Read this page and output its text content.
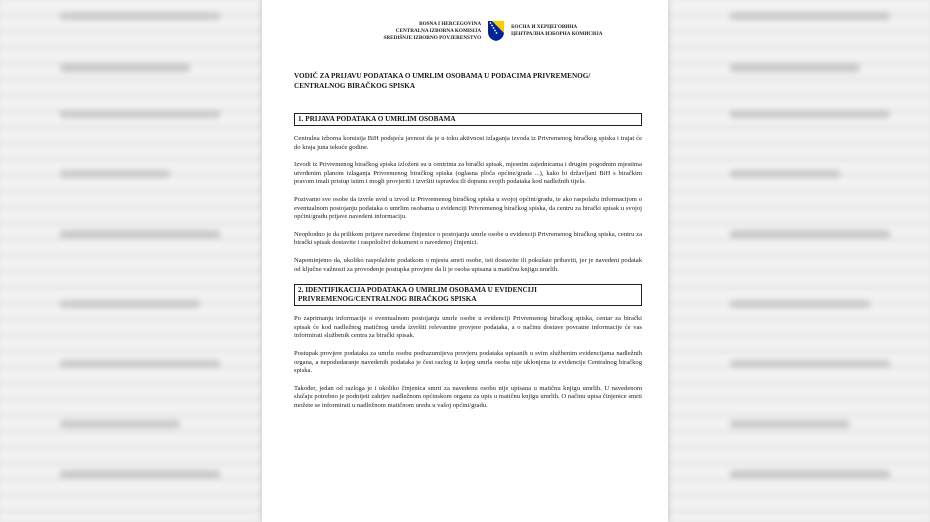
BOSNA I HERCEGOVINA
CENTRALNA IZBORNA KOMISIJA
SREDIŠNJE IZBORNO POVJERENSTVO
БОСНА И ХЕРЦЕГОВИНА
ЦЕНТРАЛНА ИЗБОРНА КОМИСИЈА
VODIČ ZA PRIJAVU PODATAKA O UMRLIM OSOBAMA U PODACIMA PRIVREMENOG/ CENTRALNOG BIRAČKOG SPISKA
1. PRIJAVA PODATAKA O UMRLIM OSOBAMA

Centralna izborna komisija BiH podsjeća javnost da je u toku aktivnost izlaganja izvoda iz Privremenog biračkog spiska i trajat će do kraja juna tekuće godine.

Izvodi iz Privremenog biračkog spiska izloženi su u centrima za birački spisak, mjesnim zajednicama i drugim pogodnim mjestima utvrđenim planom izlaganja Privremenog biračkog spiska (oglasna ploča općine/grada ...), kako bi državljani BiH s biračkim pravom imali pristup istim i mogli provjeriti i izvršiti ispravku ili dopunu svojih podataka kod nadležnih tijela.

Pozivamo sve osobe da izvrše uvid u izvod iz Privremenog biračkog spiska u svojoj općini/gradu, te ako raspolažu informacijom o eventualnom postojanju podataka o umrlim osobama u evidenciji Privremenog biračkog spiska, da centru za birački spisak u svojoj općini/gradu prijave navedeni informaciju.

Neophodno je da prilikom prijave navedene činjenice o postojanju umrle osobe u evidenciji Privremenog biračkog spiska, centru za birački spisak dostavite i raspoloživi dokument o navedenoj činjenici.

Napominjemo da, ukoliko raspolažete podatkom o mjestu smrti osobe, isti dostavite ili pokušate pribaviti, jer je navedeni podatak od ključne važnosti za provođenje postupka provjere da li je osoba upisana u matičnu knjigu umrlih.

2. IDENTIFIKACIJA PODATAKA O UMRLIM OSOBAMA U EVIDENCIJI PRIVREMENOG/CENTRALNOG BIRAČKOG SPISKA

Po zaprimanju informacije o eventualnom postojanju umrle osobe u evidenciji Privremenog biračkog spiska, centar za birački spisak će kod nadležnog matičnog ureda izvršiti relevantne provjere podataka, a o načinu dostave povratne informacije će vas informirati službenik centra za birački spisak.

Postupak provjere podataka za umrlu osobu podrazumijeva provjeru podataka upisanih u svim službenim evidencijama nadležnih organa, a nepodudaranje navedenih podataka je čest razlog iz kojeg umrla osoba nije uklonjena iz evidencije Centralnog biračkog spiska.

Također, jedan od razloga je i ukoliko činjenica smrti za navedenu osobu nije upisana u matičnu knjigu umrlih. U navedenom slučaju potrebno je podnijeti zahtjev nadležnom općinskom organu za upis u matičnu knjigu umrlih. O načinu upisa činjenice smrti možete se informirati u nadležnom matičnom uredu u vašoj općini/gradu.
